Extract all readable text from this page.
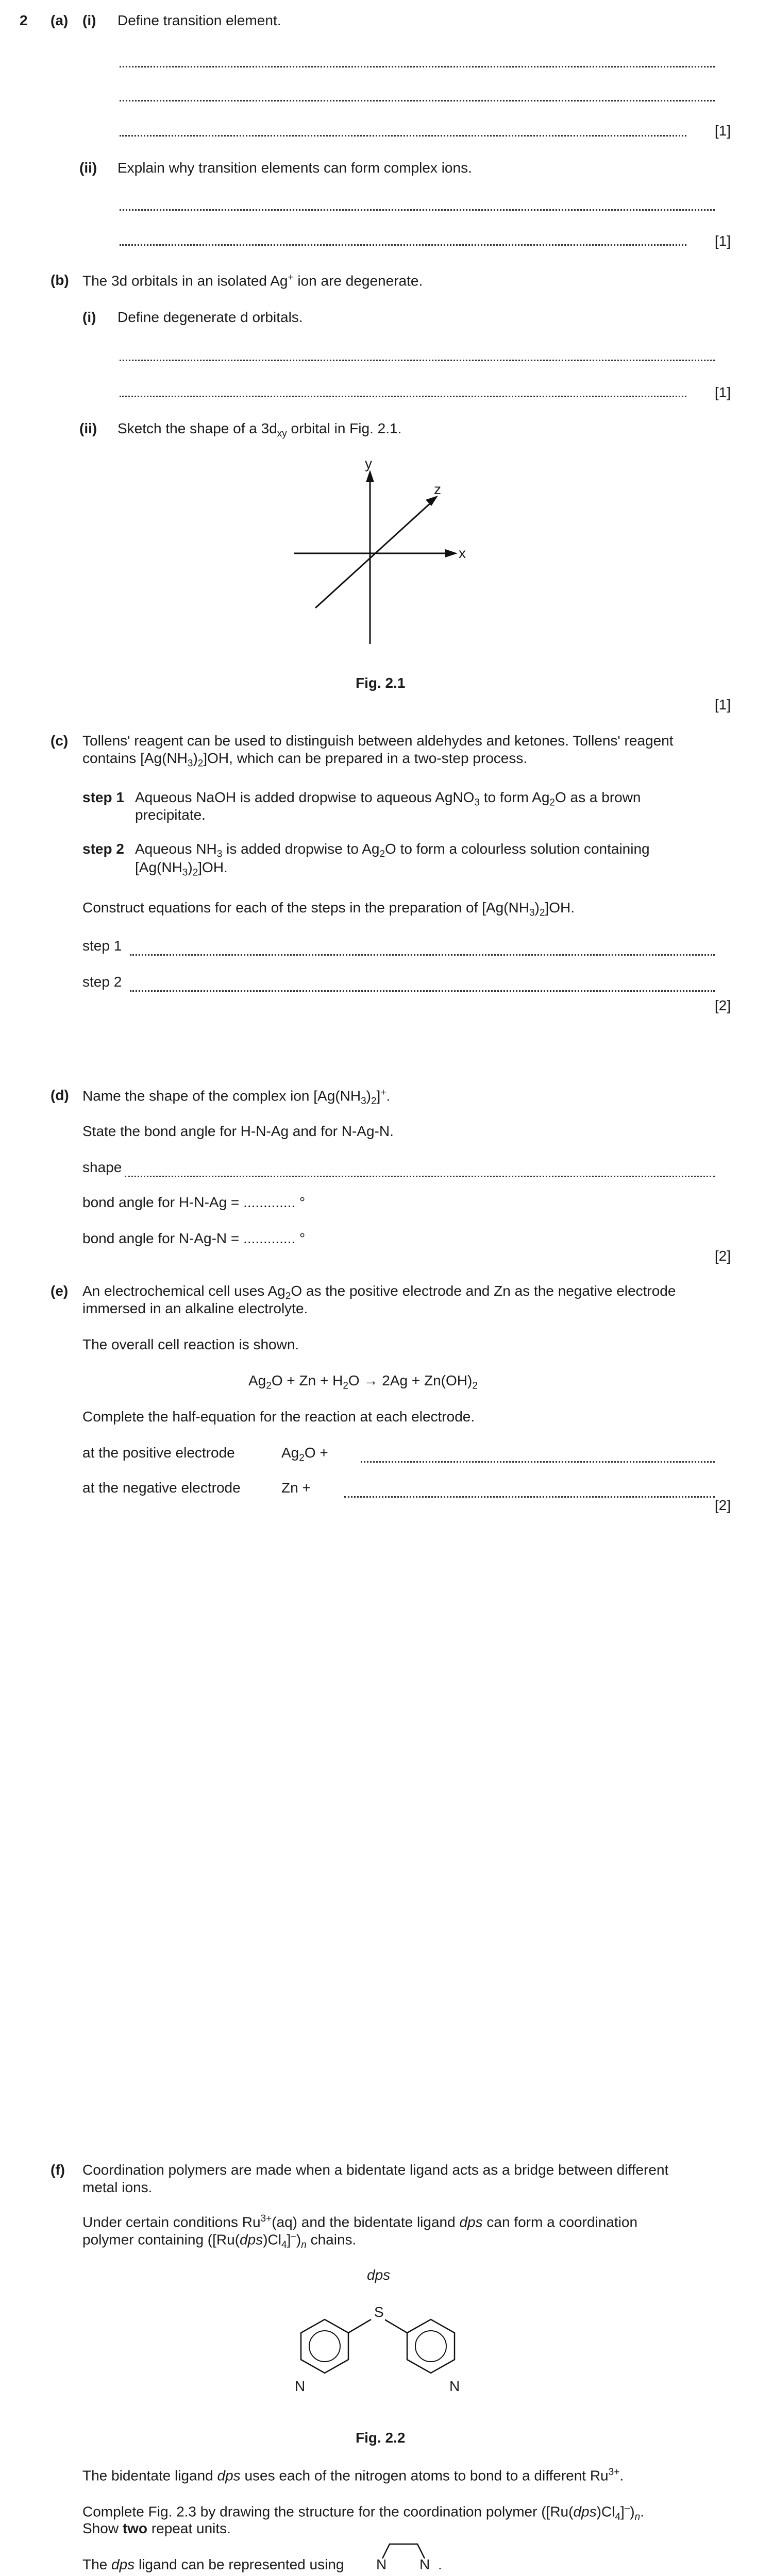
2 (a) (i) Define transition element.
[1]
(ii) Explain why transition elements can form complex ions.
[1]
(b) The 3d orbitals in an isolated Ag+ ion are degenerate.
(i) Define degenerate d orbitals.
[1]
(ii) Sketch the shape of a $3d_{xy}$ orbital in Fig. 2.1.
y
z
x
Fig. 2.1
[1]
(c) Tollens' reagent can be used to distinguish between aldehydes and ketones. Tollens' reagent
contains $[Ag(NH_3)_2]OH$, which can be prepared in a two-step process.
step 1 Aqueous NaOH is added dropwise to aqueous AgNO$_3$ to form $Ag_2O$ as a brown
precipitate.
step 2 Aqueous $NH_3$ is added dropwise to $Ag_2O$ to form a colourless solution containing
$[Ag(NH_3)_2]OH$.
Construct equations for each of the steps in the preparation of $[Ag(NH_3)_2]OH$.
step 1
step 2
[2]
(d) Name the shape of the complex ion $[Ag(NH_3)_2]^+$.
State the bond angle for H-N-Ag and for N-Ag-N.
shape
bond angle for H-N-Ag = ............. °
bond angle for N-Ag-N = ............. °
[2]
(e) An electrochemical cell uses $Ag_2O$ as the positive electrode and Zn as the negative electrode
immersed in an alkaline electrolyte.
The overall cell reaction is shown.
$Ag_2O + Zn + H_2O \to 2Ag + Zn(OH)_2$
Complete the half-equation for the reaction at each electrode.
at the positive electrode	$Ag_2O$ +
at the negative electrode	Zn +
[2]
(f) Coordination polymers are made when a bidentate ligand acts as a bridge between different
metal ions.
Under certain conditions $Ru^{3+}(aq)$ and the bidentate ligand dps can form a coordination
polymer containing $([Ru(dps)Cl_4]^-)_n$ chains.
dps
S
N	N
Fig. 2.2
The bidentate ligand dps uses each of the nitrogen atoms to bond to a different $Ru^{3+}$.
Complete Fig. 2.3 by drawing the structure for the coordination polymer $([Ru(dps)Cl_4]^-)_n$.
Show two repeat units.
The dps ligand can be represented using N N .
